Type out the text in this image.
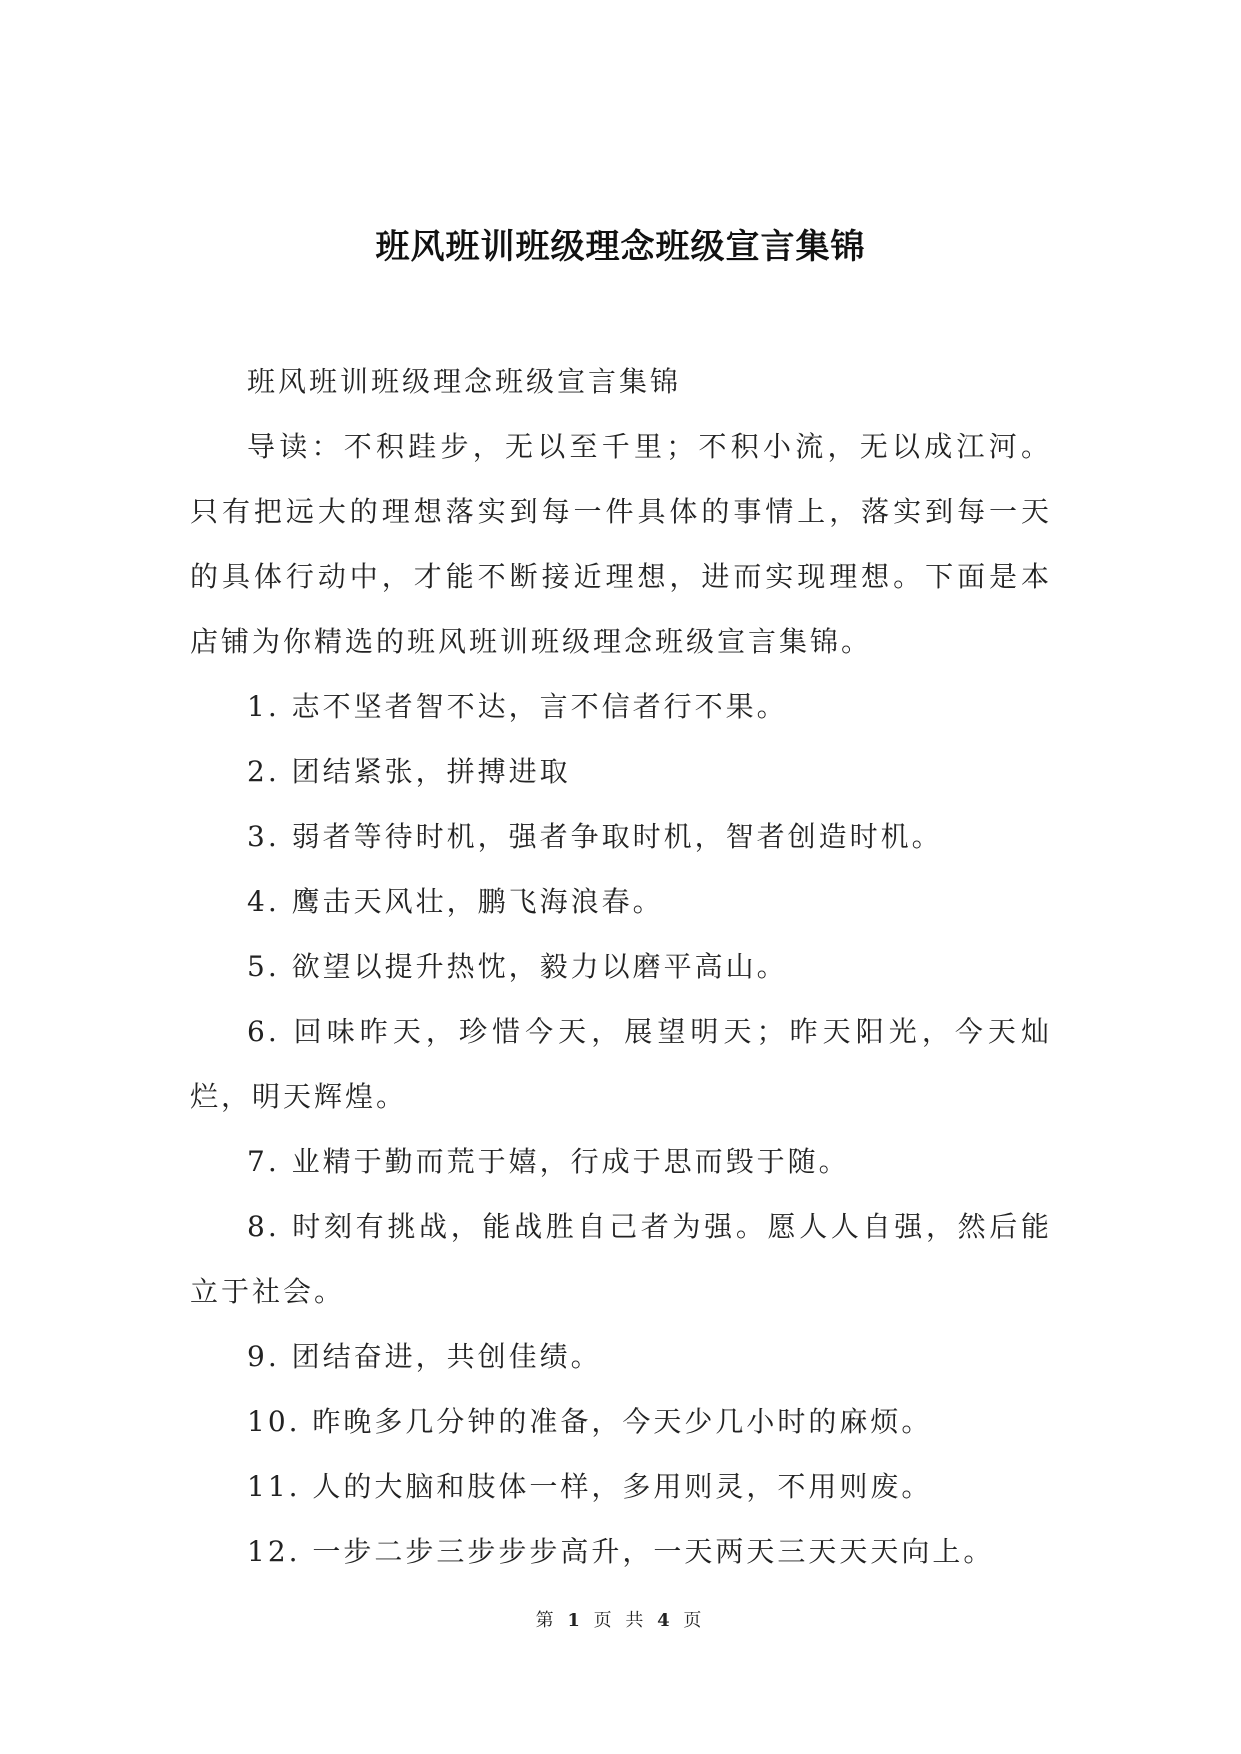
班风班训班级理念班级宣言集锦

班风班训班级理念班级宣言集锦

导读：不积跬步，无以至千里；不积小流，无以成江河。只有把远大的理想落实到每一件具体的事情上，落实到每一天的具体行动中，才能不断接近理想，进而实现理想。下面是本店铺为你精选的班风班训班级理念班级宣言集锦。

1. 志不坚者智不达，言不信者行不果。

2. 团结紧张，拼搏进取

3. 弱者等待时机，强者争取时机，智者创造时机。

4. 鹰击天风壮，鹏飞海浪春。

5. 欲望以提升热忱，毅力以磨平高山。

6. 回味昨天，珍惜今天，展望明天；昨天阳光，今天灿烂，明天辉煌。

7. 业精于勤而荒于嬉，行成于思而毁于随。

8. 时刻有挑战，能战胜自己者为强。愿人人自强，然后能立于社会。

9. 团结奋进，共创佳绩。

10. 昨晚多几分钟的准备，今天少几小时的麻烦。

11. 人的大脑和肢体一样，多用则灵，不用则废。

12. 一步二步三步步步高升，一天两天三天天天向上。

第 1 页 共 4 页
